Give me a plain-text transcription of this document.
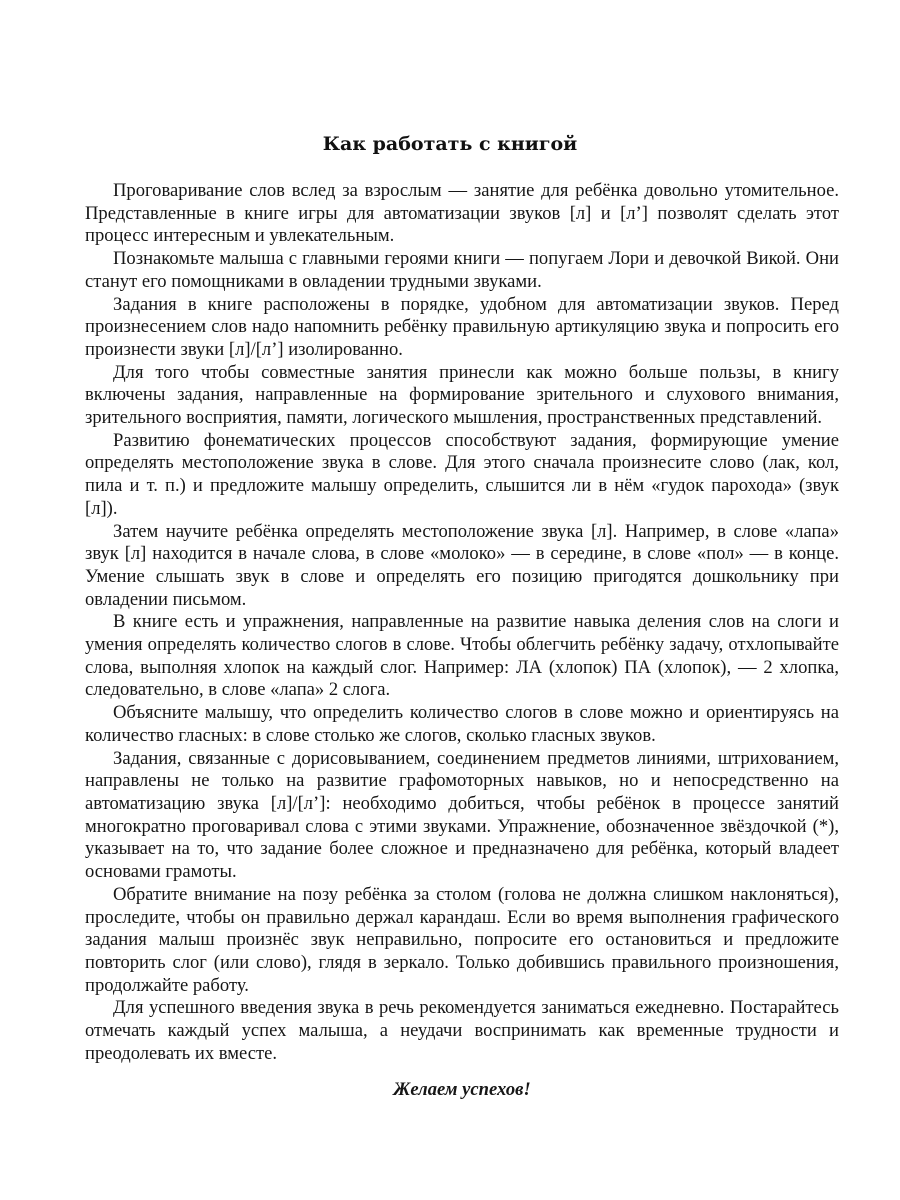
Как работать с книгой

Проговаривание слов вслед за взрослым — занятие для ребёнка довольно утомительное. Представленные в книге игры для автоматизации звуков [л] и [л’] позволят сделать этот процесс интересным и увлекательным.

Познакомьте малыша с главными героями книги — попугаем Лори и девочкой Викой. Они станут его помощниками в овладении трудными звуками.

Задания в книге расположены в порядке, удобном для автоматизации звуков. Перед произнесением слов надо напомнить ребёнку правильную артикуляцию звука и попросить его произнести звуки [л]/[л’] изолированно.

Для того чтобы совместные занятия принесли как можно больше пользы, в книгу включены задания, направленные на формирование зрительного и слухового внимания, зрительного восприятия, памяти, логического мышления, пространственных представлений.

Развитию фонематических процессов способствуют задания, формирующие умение определять местоположение звука в слове. Для этого сначала произнесите слово (лак, кол, пила и т. п.) и предложите малышу определить, слышится ли в нём «гудок парохода» (звук [л]).

Затем научите ребёнка определять местоположение звука [л]. Например, в слове «лапа» звук [л] находится в начале слова, в слове «молоко» — в середине, в слове «пол» — в конце. Умение слышать звук в слове и определять его позицию пригодятся дошкольнику при овладении письмом.

В книге есть и упражнения, направленные на развитие навыка деления слов на слоги и умения определять количество слогов в слове. Чтобы облегчить ребёнку задачу, отхлопывайте слова, выполняя хлопок на каждый слог. Например: ЛА (хлопок) ПА (хлопок), — 2 хлопка, следовательно, в слове «лапа» 2 слога.

Объясните малышу, что определить количество слогов в слове можно и ориентируясь на количество гласных: в слове столько же слогов, сколько гласных звуков.

Задания, связанные с дорисовыванием, соединением предметов линиями, штрихованием, направлены не только на развитие графомоторных навыков, но и непосредственно на автоматизацию звука [л]/[л’]: необходимо добиться, чтобы ребёнок в процессе занятий многократно проговаривал слова с этими звуками. Упражнение, обозначенное звёздочкой (*), указывает на то, что задание более сложное и предназначено для ребёнка, который владеет основами грамоты.

Обратите внимание на позу ребёнка за столом (голова не должна слишком наклоняться), проследите, чтобы он правильно держал карандаш. Если во время выполнения графического задания малыш произнёс звук неправильно, попросите его остановиться и предложите повторить слог (или слово), глядя в зеркало. Только добившись правильного произношения, продолжайте работу.

Для успешного введения звука в речь рекомендуется заниматься ежедневно. Постарайтесь отмечать каждый успех малыша, а неудачи воспринимать как временные трудности и преодолевать их вместе.

Желаем успехов!
